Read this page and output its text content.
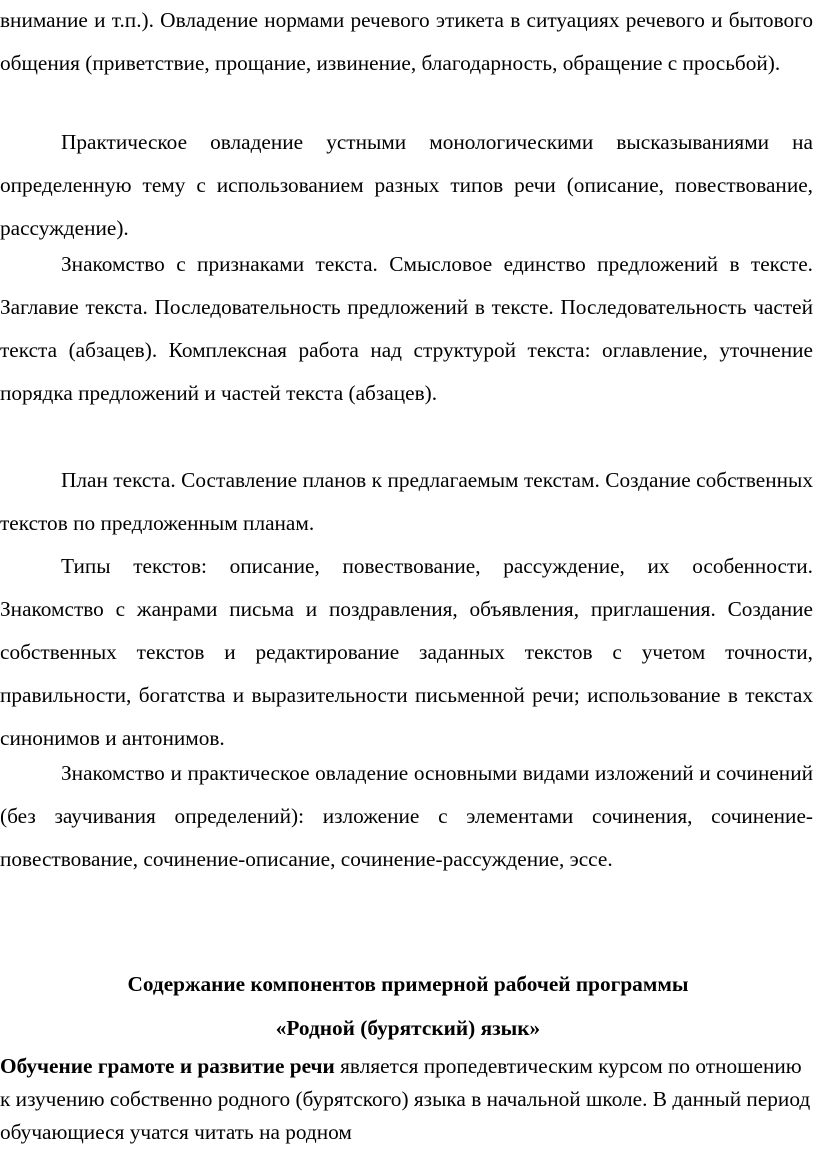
внимание и т.п.). Овладение нормами речевого этикета в ситуациях речевого и бытового общения (приветствие, прощание, извинение, благодарность, обращение с просьбой).

Практическое овладение устными монологическими высказываниями на определенную тему с использованием разных типов речи (описание, повествование, рассуждение).

Знакомство с признаками текста. Смысловое единство предложений в тексте. Заглавие текста. Последовательность предложений в тексте. Последовательность частей текста (абзацев). Комплексная работа над структурой текста: оглавление, уточнение порядка предложений и частей текста (абзацев).

План текста. Составление планов к предлагаемым текстам. Создание собственных текстов по предложенным планам.

Типы текстов: описание, повествование, рассуждение, их особенности. Знакомство с жанрами письма и поздравления, объявления, приглашения. Создание собственных текстов и редактирование заданных текстов с учетом точности, правильности, богатства и выразительности письменной речи; использование в текстах синонимов и антонимов.

Знакомство и практическое овладение основными видами изложений и сочинений (без заучивания определений): изложение с элементами сочинения, сочинение-повествование, сочинение-описание, сочинение-рассуждение, эссе.

Содержание компонентов примерной рабочей программы

«Родной (бурятский) язык»

Обучение грамоте и развитие речи является пропедевтическим курсом по отношению к изучению собственно родного (бурятского) языка в начальной школе. В данный период обучающиеся учатся читать на родном
